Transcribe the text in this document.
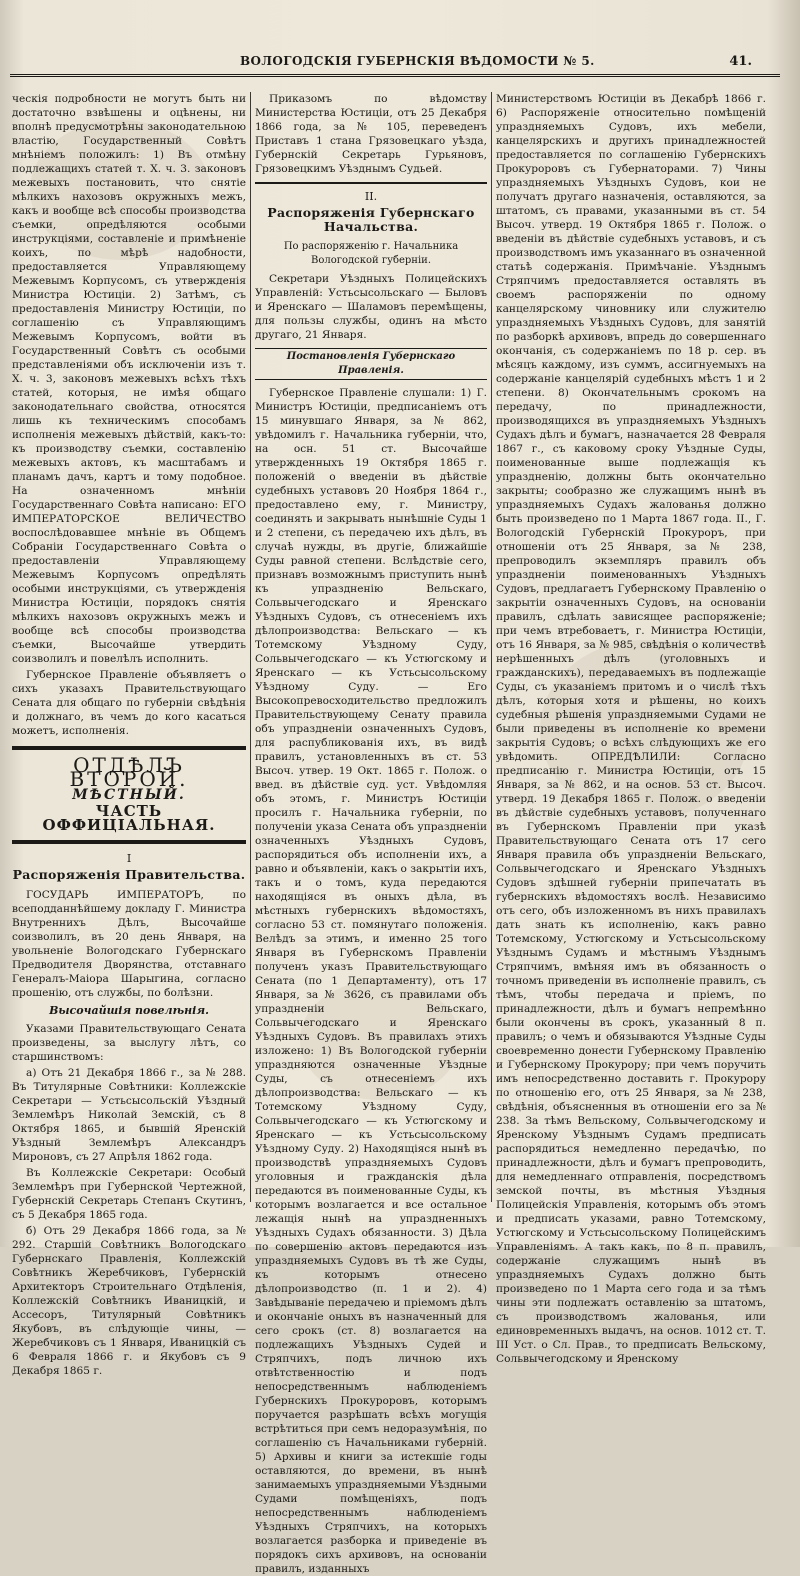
ВОЛОГОДСКІЯ ГУБЕРНСКІЯ ВѢДОМОСТИ № 5.	41.

ческія подробности не могутъ быть ни достаточно взвѣшены и оцѣнены, ни вполнѣ предусмотрѣны законодательною властію, Государственный Совѣтъ мнѣніемъ положилъ: 1) Въ отмѣну подлежащихъ статей т. Х. ч. 3. законовъ межевыхъ постановить, что снятіе мѣлкихъ нахозовъ окружныхъ межъ, какъ и вообще всѣ способы производства съемки, опредѣляются особыми инструкціями, составленіе и примѣненіе коихъ, по мѣрѣ надобности, предоставляется Управляющему Межевымъ Корпусомъ, съ утвержденія Министра Юстиціи. 2) Затѣмъ, съ предоставленія Министру Юстиціи, по соглашенію съ Управляющимъ Межевымъ Корпусомъ, войти въ Государственный Совѣтъ съ особыми представленіями объ исключеніи изъ т. Х. ч. 3, законовъ межевыхъ всѣхъ тѣхъ статей, которыя, не имѣя общаго законодательнаго свойства, относятся лишь къ техническимъ способамъ исполненія межевыхъ дѣйствій, какъ-то: къ производству съемки, составленію межевыхъ актовъ, къ масштабамъ и планамъ дачъ, картъ и тому подобное. На означенномъ мнѣніи Государственнаго Совѣта написано: ЕГО ИМПЕРАТОРСКОЕ ВЕЛИЧЕСТВО воспослѣдовавшее мнѣніе въ Общемъ Собраніи Государственнаго Совѣта о предоставленіи Управляющему Межевымъ Корпусомъ опредѣлять особыми инструкціями, съ утвержденія Министра Юстиціи, порядокъ снятія мѣлкихъ нахозовъ окружныхъ межъ и вообще всѣ способы производства съемки, Высочайше утвердить соизволилъ и повелѣлъ исполнить.

Губернское Правленіе объявляетъ о сихъ указахъ Правительствующаго Сената для общаго по губерніи свѣдѣнія и должнаго, въ чемъ до кого касаться можетъ, исполненія.

ОТДѢЛЪ ВТОРОЙ.
МѢСТНЫЙ.
ЧАСТЬ ОФФИЦІАЛЬНАЯ.
I
Распоряженія Правительства.

ГОСУДАРЬ ИМПЕРАТОРЪ, по всеподданнѣйшему докладу Г. Министра Внутреннихъ Дѣлъ, Высочайше соизволилъ, въ 20 день Января, на увольненіе Вологодскаго Губернскаго Предводителя Дворянства, отставнаго Генералъ-Маіора Шарыгина, согласно прошенію, отъ службы, по болѣзни.

Высочайшія повелѣнія.

Указами Правительствующаго Сената произведены, за выслугу лѣтъ, со старшинствомъ:

а) Отъ 21 Декабря 1866 г., за № 288. Въ Титулярные Совѣтники: Коллежскіе Секретари — Устьсысольскій Уѣздный Землемѣръ Николай Земскій, съ 8 Октября 1865, и бывшій Яренскій Уѣздный Землемѣръ Александръ Мироновъ, съ 27 Апрѣля 1862 года.

Въ Коллежскіе Секретари: Особый Землемѣръ при Губернской Чертежной, Губернскій Секретарь Степанъ Скутинъ, съ 5 Декабря 1865 года.

б) Отъ 29 Декабря 1866 года, за № 292. Старшій Совѣтникъ Вологодскаго Губернскаго Правленія, Коллежскій Совѣтникъ Жеребчиковъ, Губернскій Архитекторъ Строительнаго Отдѣленія, Коллежскій Совѣтникъ Иваницкій, и Ассесоръ, Титулярный Совѣтникъ Якубовъ, въ слѣдующіе чины, — Жеребчиковъ съ 1 Января, Иваницкій съ 6 Февраля 1866 г. и Якубовъ съ 9 Декабря 1865 г.

Приказомъ по вѣдомству Министерства Юстиціи, отъ 25 Декабря 1866 года, за № 105, переведенъ Приставъ 1 стана Грязовецкаго уѣзда, Губернскій Секретарь Гурьяновъ, Грязовецкимъ Уѣзднымъ Судьей.

II.
Распоряженія Губернскаго Начальства.
По распоряженію г. Начальника Вологодской губерніи.

Секретари Уѣздныхъ Полицейскихъ Управленій: Устьсысольскаго — Быловъ и Яренскаго — Шаламовъ перемѣщены, для пользы службы, одинъ на мѣсто другаго, 21 Января.

Постановленія Губернскаго Правленія.

Губернское Правленіе слушали: 1) Г. Министръ Юстиціи, предписаніемъ отъ 15 минувшаго Января, за № 862, увѣдомилъ г. Начальника губерніи, что, на осн. 51 ст. Высочайше утвержденныхъ 19 Октября 1865 г. положеній о введеніи въ дѣйствіе судебныхъ уставовъ 20 Ноября 1864 г., предоставлено ему, г. Министру, соединять и закрывать нынѣшніе Суды 1 и 2 степени, съ передачею ихъ дѣлъ, въ случаѣ нужды, въ другіе, ближайшіе Суды равной степени. Вслѣдствіе сего, признавъ возможнымъ приступить нынѣ къ упраздненію Вельскаго, Сольвычегодскаго и Яренскаго Уѣздныхъ Судовъ, съ отнесеніемъ ихъ дѣлопроизводства: Вельскаго — къ Тотемскому Уѣздному Суду, Сольвычегодскаго — къ Устюгскому и Яренскаго — къ Устьсысольскому Уѣздному Суду. — Его Высокопревосходительство предложилъ Правительствующему Сенату правила объ упраздненіи означенныхъ Судовъ, для распубликованія ихъ, въ видѣ правилъ, установленныхъ въ ст. 53 Высоч. утвер. 19 Окт. 1865 г. Полож. о введ. въ дѣйствіе суд. уст. Увѣдомляя объ этомъ, г. Министръ Юстиціи просилъ г. Начальника губерніи, по полученіи указа Сената объ упраздненіи означенныхъ Уѣздныхъ Судовъ, распорядиться объ исполненіи ихъ, а равно и объявленіи, какъ о закрытіи ихъ, такъ и о томъ, куда передаются находящіяся въ оныхъ дѣла, въ мѣстныхъ губернскихъ вѣдомостяхъ, согласно 53 ст. помянутаго положенія. Велѣдъ за этимъ, и именно 25 того Января въ Губернскомъ Правленіи полученъ указъ Правительствующаго Сената (по 1 Департаменту), отъ 17 Января, за № 3626, съ правилами объ упраздненіи Вельскаго, Сольвычегодскаго и Яренскаго Уѣздныхъ Судовъ. Въ правилахъ этихъ изложено: 1) Въ Вологодской губерніи упраздняются означенные Уѣздные Суды, съ отнесеніемъ ихъ дѣлопроизводства: Вельскаго — къ Тотемскому Уѣздному Суду, Сольвычегодскаго — къ Устюгскому и Яренскаго — къ Устьсысольскому Уѣздному Суду. 2) Находящіяся нынѣ въ производствѣ упраздняемыхъ Судовъ уголовныя и гражданскія дѣла передаются въ поименованные Суды, къ которымъ возлагается и все остальное лежащія нынѣ на упраздненныхъ Уѣздныхъ Судахъ обязанности. 3) Дѣла по совершенію актовъ передаются изъ упраздняемыхъ Судовъ въ тѣ же Суды, къ которымъ отнесено дѣлопроизводство (п. 1 и 2). 4) Завѣдываніе передачею и пріемомъ дѣлъ и окончаніе оныхъ въ назначенный для сего срокъ (ст. 8) возлагается на подлежащихъ Уѣздныхъ Судей и Стряпчихъ, подъ личною ихъ отвѣтственностію и подъ непосредственнымъ наблюденіемъ Губернскихъ Прокуроровъ, которымъ поручается разрѣшать всѣхъ могущія встрѣтиться при семъ недоразумѣнія, по соглашенію съ Начальниками губерній. 5) Архивы и книги за истекшіе годы оставляются, до времени, въ нынѣ занимаемыхъ упраздняемыми Уѣздными Судами помѣщеніяхъ, подъ непосредственнымъ наблюденіемъ Уѣздныхъ Стряпчихъ, на которыхъ возлагается разборка и приведеніе въ порядокъ сихъ архивовъ, на основаніи правилъ, изданныхъ

Министерствомъ Юстиціи въ Декабрѣ 1866 г. 6) Распоряженіе относительно помѣщеній упраздняемыхъ Судовъ, ихъ мебели, канцелярскихъ и другихъ принадлежностей предоставляется по соглашенію Губернскихъ Прокуроровъ съ Губернаторами. 7) Чины упраздняемыхъ Уѣздныхъ Судовъ, кои не получатъ другаго назначенія, оставляются, за штатомъ, съ правами, указанными въ ст. 54 Высоч. утверд. 19 Октября 1865 г. Полож. о введеніи въ дѣйствіе судебныхъ уставовъ, и съ производствомъ имъ указаннаго въ означенной статьѣ содержанія. Примѣчаніе. Уѣзднымъ Стряпчимъ предоставляется оставлять въ своемъ распоряженіи по одному канцелярскому чиновнику или служителю упраздняемыхъ Уѣздныхъ Судовъ, для занятій по разборкѣ архивовъ, впредь до совершеннаго окончанія, съ содержаніемъ по 18 р. сер. въ мѣсяцъ каждому, изъ суммъ, ассигнуемыхъ на содержаніе канцелярій судебныхъ мѣстъ 1 и 2 степени. 8) Окончательнымъ срокомъ на передачу, по принадлежности, производящихся въ упраздняемыхъ Уѣздныхъ Судахъ дѣлъ и бумагъ, назначается 28 Февраля 1867 г., съ каковому сроку Уѣздные Суды, поименованные выше подлежащія къ упраздненію, должны быть окончательно закрыты; сообразно же служащимъ нынѣ въ упраздняемыхъ Судахъ жалованья должно быть произведено по 1 Марта 1867 года. II., Г. Вологодскій Губернскій Прокуроръ, при отношеніи отъ 25 Января, за № 238, препроводилъ экземпляръ правилъ объ упраздненіи поименованныхъ Уѣздныхъ Судовъ, предлагаетъ Губернскому Правленію о закрытіи означенныхъ Судовъ, на основаніи правилъ, сдѣлать зависящее распоряженіе; при чемъ втребоваетъ, г. Министра Юстиціи, отъ 16 Января, за № 985, свѣдѣнія о количествѣ нерѣшенныхъ дѣлъ (уголовныхъ и гражданскихъ), передаваемыхъ въ подлежащіе Суды, съ указаніемъ притомъ и о числѣ тѣхъ дѣлъ, которыя хотя и рѣшены, но коихъ судебныя рѣшенія упраздняемыми Судами не были приведены въ исполненіе ко времени закрытія Судовъ; о всѣхъ слѣдующихъ же его увѣдомить. ОПРЕДѢЛИЛИ: Согласно предписанію г. Министра Юстиціи, отъ 15 Января, за № 862, и на основ. 53 ст. Высоч. утверд. 19 Декабря 1865 г. Полож. о введеніи въ дѣйствіе судебныхъ уставовъ, полученнаго въ Губернскомъ Правленіи при указѣ Правительствующаго Сената отъ 17 сего Января правила объ упраздненіи Вельскаго, Сольвычегодскаго и Яренскаго Уѣздныхъ Судовъ здѣшней губерніи припечатать въ губернскихъ вѣдомостяхъ вослѣ. Независимо отъ сего, объ изложенномъ въ нихъ правилахъ дать знать къ исполненію, какъ равно Тотемскому, Устюгскому и Устьсысольскому Уѣзднымъ Судамъ и мѣстнымъ Уѣзднымъ Стряпчимъ, вмѣняя имъ въ обязанность о точномъ приведеніи въ исполненіе правилъ, съ тѣмъ, чтобы передача и пріемъ, по принадлежности, дѣлъ и бумагъ непремѣнно были окончены въ срокъ, указанный 8 п. правилъ; о чемъ и обязываются Уѣздные Суды своевременно донести Губернскому Правленію и Губернскому Прокурору; при чемъ поручить имъ непосредственно доставить г. Прокурору по отношенію его, отъ 25 Января, за № 238, свѣдѣнія, объясненныя въ отношеніи его за № 238. За тѣмъ Вельскому, Сольвычегодскому и Яренскому Уѣзднымъ Судамъ предписать распорядиться немедленно передачѣю, по принадлежности, дѣлъ и бумагъ препроводить, для немедленнаго отправленія, посредствомъ земской почты, въ мѣстныя Уѣздныя Полицейскія Управленія, которымъ объ этомъ и предписать указами, равно Тотемскому, Устюгскому и Устьсысольскому Полицейскимъ Управленіямъ. А такъ какъ, по 8 п. правилъ, содержаніе служащимъ нынѣ въ упраздняемыхъ Судахъ должно быть произведено по 1 Марта сего года и за тѣмъ чины эти подлежатъ оставленію за штатомъ, съ производствомъ жалованья, или единовременныхъ выдачъ, на основ. 1012 ст. Т. III Уст. о Сл. Прав., то предписать Вельскому, Сольвычегодскому и Яренскому
